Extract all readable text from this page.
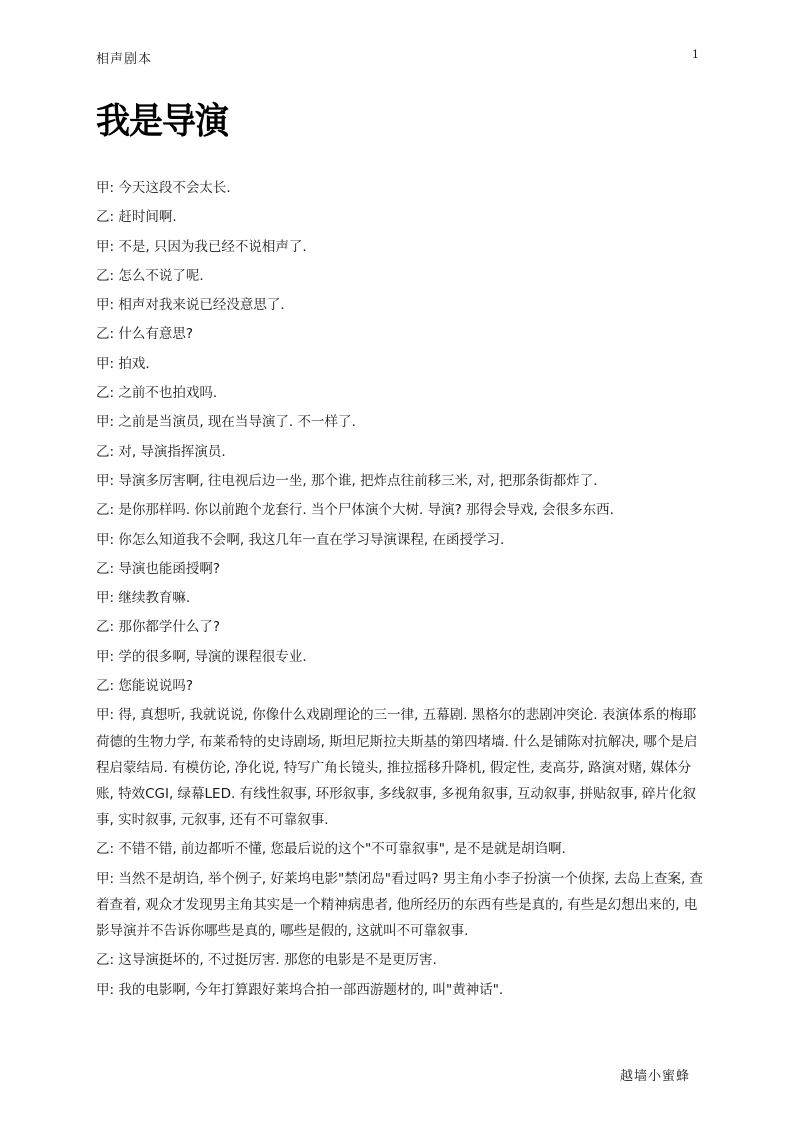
相声剧本	1
我是导演
甲: 今天这段不会太长.
乙: 赶时间啊.
甲: 不是, 只因为我已经不说相声了.
乙: 怎么不说了呢.
甲: 相声对我来说已经没意思了.
乙: 什么有意思?
甲: 拍戏.
乙: 之前不也拍戏吗.
甲: 之前是当演员, 现在当导演了. 不一样了.
乙: 对, 导演指挥演员.
甲: 导演多厉害啊, 往电视后边一坐, 那个谁, 把炸点往前移三米, 对, 把那条街都炸了.
乙: 是你那样吗. 你以前跑个龙套行. 当个尸体演个大树. 导演? 那得会导戏, 会很多东西.
甲: 你怎么知道我不会啊, 我这几年一直在学习导演课程, 在函授学习.
乙: 导演也能函授啊?
甲: 继续教育嘛.
乙: 那你都学什么了?
甲: 学的很多啊, 导演的课程很专业.
乙: 您能说说吗?
甲: 得, 真想听, 我就说说, 你像什么戏剧理论的三一律, 五幕剧. 黑格尔的悲剧冲突论. 表演体系的梅耶荷德的生物力学, 布莱希特的史诗剧场, 斯坦尼斯拉夫斯基的第四堵墙. 什么是铺陈对抗解决, 哪个是启程启蒙结局. 有模仿论, 净化说, 特写广角长镜头, 推拉摇移升降机, 假定性, 麦高芬, 路演对赌, 媒体分账, 特效CGI, 绿幕LED. 有线性叙事, 环形叙事, 多线叙事, 多视角叙事, 互动叙事, 拼贴叙事, 碎片化叙事, 实时叙事, 元叙事, 还有不可靠叙事.
乙: 不错不错, 前边都听不懂, 您最后说的这个"不可靠叙事", 是不是就是胡诌啊.
甲: 当然不是胡诌, 举个例子, 好莱坞电影"禁闭岛"看过吗? 男主角小李子扮演一个侦探, 去岛上查案, 查着查着, 观众才发现男主角其实是一个精神病患者, 他所经历的东西有些是真的, 有些是幻想出来的, 电影导演并不告诉你哪些是真的, 哪些是假的, 这就叫不可靠叙事.
乙: 这导演挺坏的, 不过挺厉害. 那您的电影是不是更厉害.
甲: 我的电影啊, 今年打算跟好莱坞合拍一部西游题材的, 叫"黄神话".
越墙小蜜蜂
